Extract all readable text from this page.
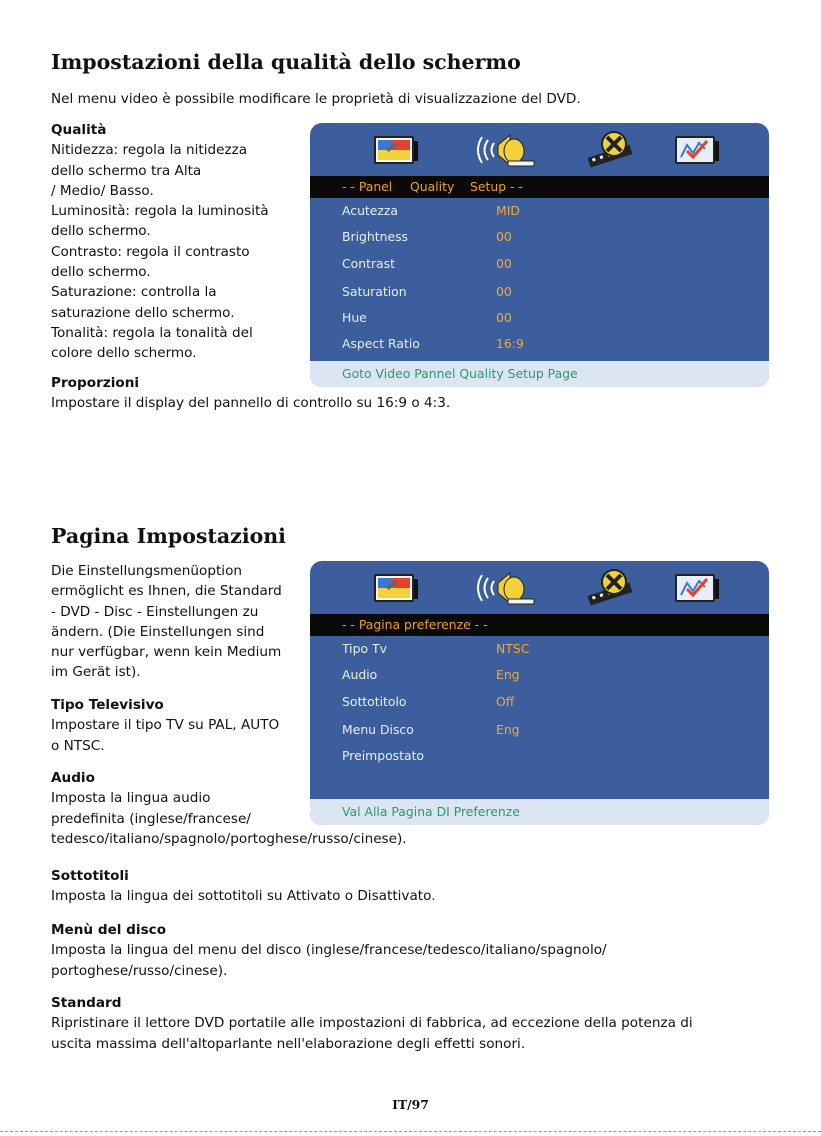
Impostazioni della qualità dello schermo

Nel menu video è possibile modificare le proprietà di visualizzazione del DVD.

Qualità
Nitidezza: regola la nitidezza
dello schermo tra Alta
/ Medio/ Basso.
Luminosità: regola la luminosità
dello schermo.
Contrasto: regola il contrasto
dello schermo.
Saturazione: controlla la
saturazione dello schermo.
Tonalità: regola la tonalità del
colore dello schermo.
Proporzioni
Impostare il display del pannello di controllo su 16:9 o 4:3.
- - Panel Quality Setup - -
Acutezza	MID
Brightness	00
Contrast	00
Saturation	00
Hue	00
Aspect Ratio	16:9
Goto Video Pannel Quality Setup Page
Pagina Impostazioni
Die Einstellungsmenüoption
ermöglicht es Ihnen, die Standard
- DVD - Disc - Einstellungen zu
ändern. (Die Einstellungen sind
nur verfügbar, wenn kein Medium
im Gerät ist).
Tipo Televisivo
Impostare il tipo TV su PAL, AUTO
o NTSC.
Audio
Imposta la lingua audio
predefinita (inglese/francese/
tedesco/italiano/spagnolo/portoghese/russo/cinese).
Sottotitoli
Imposta la lingua dei sottotitoli su Attivato o Disattivato.
Menù del disco
Imposta la lingua del menu del disco (inglese/francese/tedesco/italiano/spagnolo/
portoghese/russo/cinese).
Standard
Ripristinare il lettore DVD portatile alle impostazioni di fabbrica, ad eccezione della potenza di
uscita massima dell'altoparlante nell'elaborazione degli effetti sonori.
- - Pagina preferenze - -
Tipo Tv	NTSC
Audio	Eng
Sottotitolo	Off
Menu Disco	Eng
Preimpostato
Val Alla Pagina DI Preferenze
IT/97
